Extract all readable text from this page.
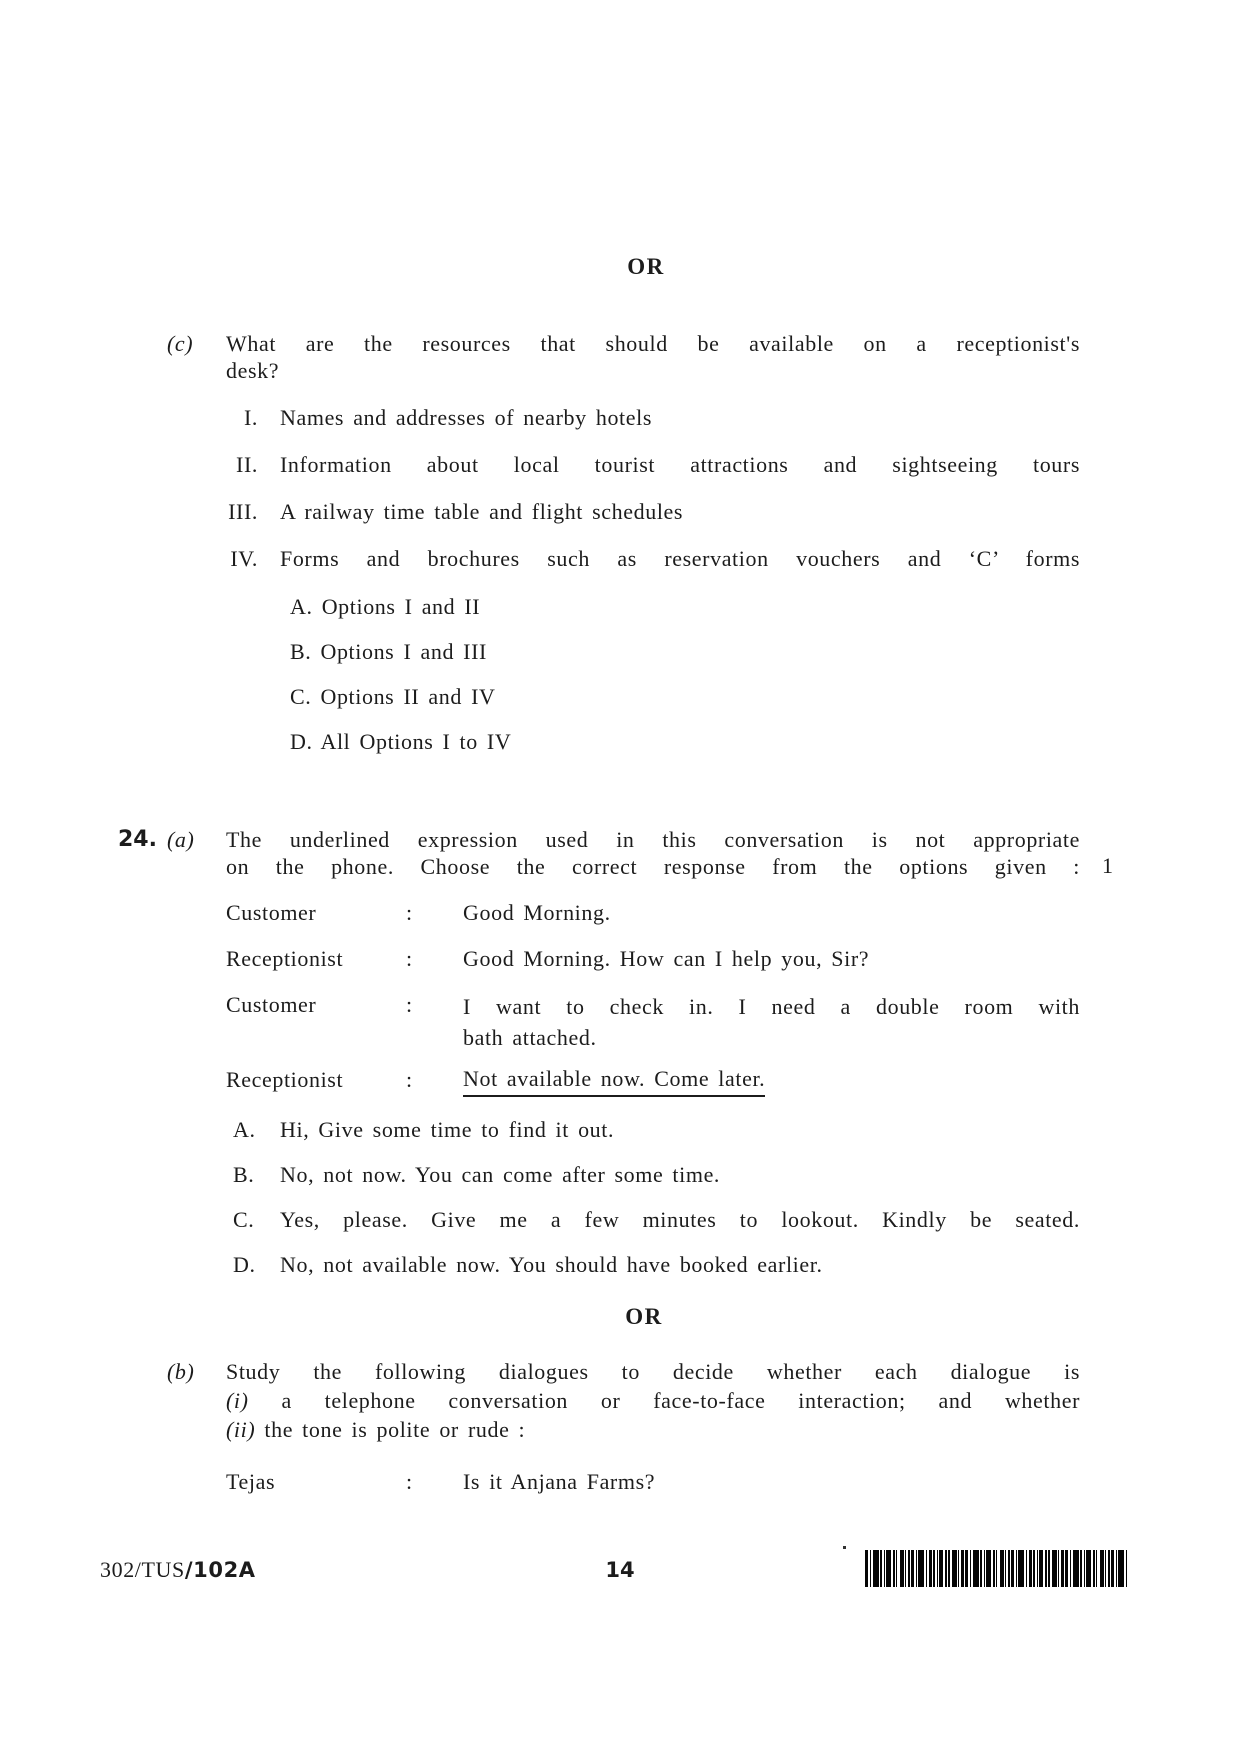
OR
(c) What are the resources that should be available on a receptionist's
desk?
I. Names and addresses of nearby hotels
II. Information about local tourist attractions and sightseeing tours
III. A railway time table and flight schedules
IV. Forms and brochures such as reservation vouchers and ‘C’ forms
A. Options I and II
B. Options I and III
C. Options II and IV
D. All Options I to IV
24. (a) The underlined expression used in this conversation is not appropriate
on the phone. Choose the correct response from the options given : 1
Customer	:	Good Morning.
Receptionist	:	Good Morning. How can I help you, Sir?
Customer	:	I want to check in. I need a double room with
bath attached.
Receptionist	:	Not available now. Come later.
A.	Hi, Give some time to find it out.
B.	No, not now. You can come after some time.
C.	Yes, please. Give me a few minutes to lookout. Kindly be seated.
D.	No, not available now. You should have booked earlier.
OR
(b) Study the following dialogues to decide whether each dialogue is
(i) a telephone conversation or face-to-face interaction; and whether
(ii) the tone is polite or rude :
Tejas	:	Is it Anjana Farms?
302/TUS/102A	14
